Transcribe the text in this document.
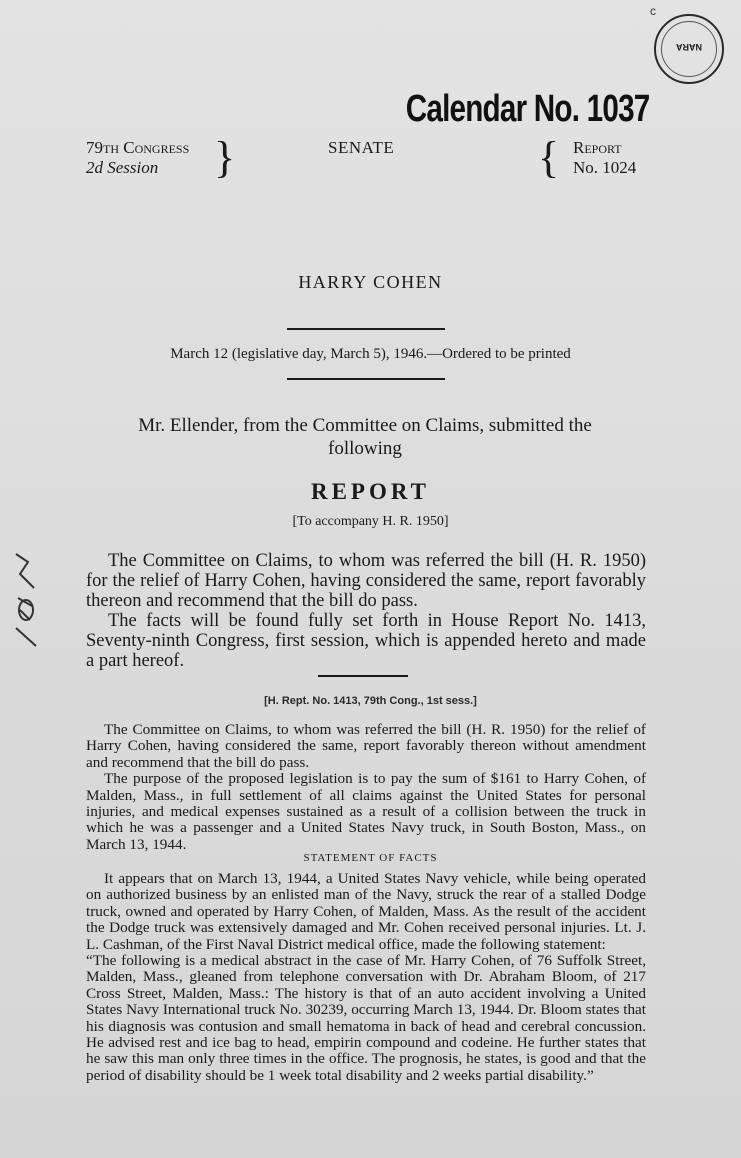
c
NARA
Calendar No. 1037
79th Congress
2d Session	}	SENATE	{ Report
No. 1024
HARRY COHEN
March 12 (legislative day, March 5), 1946.—Ordered to be printed
Mr. Ellender, from the Committee on Claims, submitted the following
REPORT
[To accompany H. R. 1950]

The Committee on Claims, to whom was referred the bill (H. R. 1950) for the relief of Harry Cohen, having considered the same, report favorably thereon and recommend that the bill do pass.

The facts will be found fully set forth in House Report No. 1413, Seventy-ninth Congress, first session, which is appended hereto and made a part hereof.

[H. Rept. No. 1413, 79th Cong., 1st sess.]

The Committee on Claims, to whom was referred the bill (H. R. 1950) for the relief of Harry Cohen, having considered the same, report favorably thereon without amendment and recommend that the bill do pass.

The purpose of the proposed legislation is to pay the sum of $161 to Harry Cohen, of Malden, Mass., in full settlement of all claims against the United States for personal injuries, and medical expenses sustained as a result of a collision between the truck in which he was a passenger and a United States Navy truck, in South Boston, Mass., on March 13, 1944.

STATEMENT OF FACTS

It appears that on March 13, 1944, a United States Navy vehicle, while being operated on authorized business by an enlisted man of the Navy, struck the rear of a stalled Dodge truck, owned and operated by Harry Cohen, of Malden, Mass. As the result of the accident the Dodge truck was extensively damaged and Mr. Cohen received personal injuries. Lt. J. L. Cashman, of the First Naval District medical office, made the following statement:

“The following is a medical abstract in the case of Mr. Harry Cohen, of 76 Suffolk Street, Malden, Mass., gleaned from telephone conversation with Dr. Abraham Bloom, of 217 Cross Street, Malden, Mass.: The history is that of an auto accident involving a United States Navy International truck No. 30239, occurring March 13, 1944. Dr. Bloom states that his diagnosis was contusion and small hematoma in back of head and cerebral concussion. He advised rest and ice bag to head, empirin compound and codeine. He further states that he saw this man only three times in the office. The prognosis, he states, is good and that the period of disability should be 1 week total disability and 2 weeks partial disability.”
